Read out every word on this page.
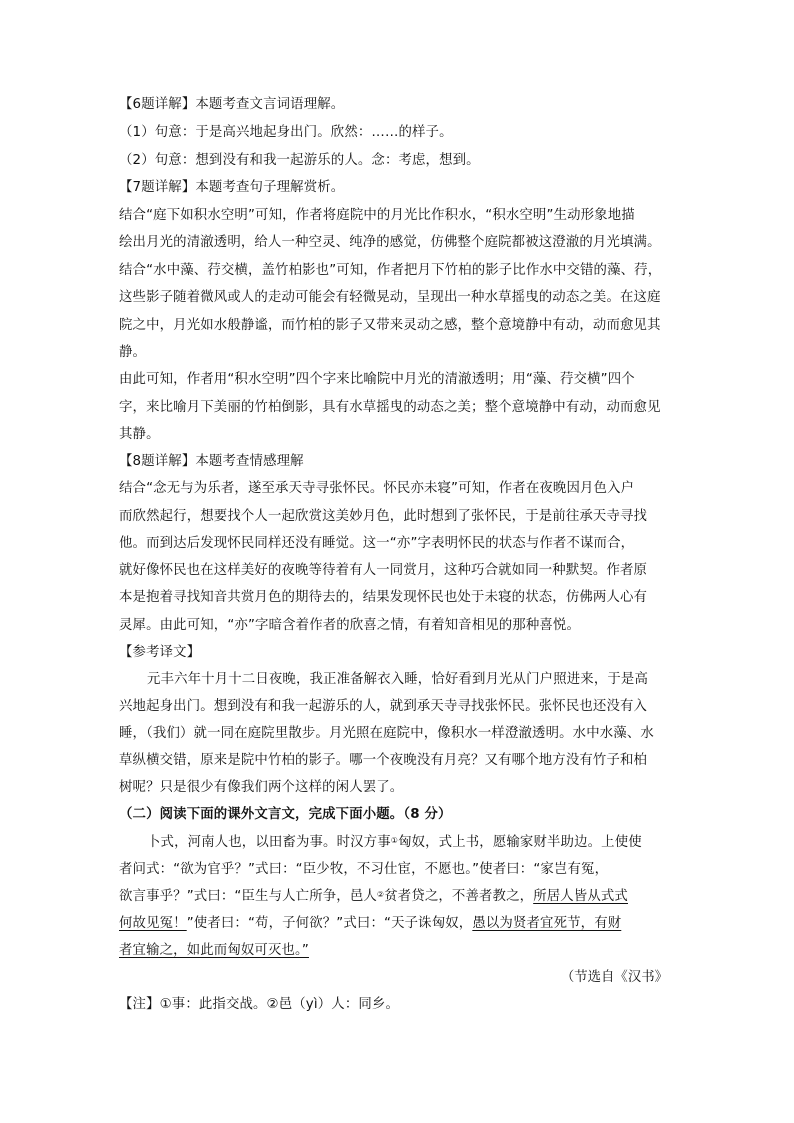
【6题详解】本题考查文言词语理解。
（1）句意：于是高兴地起身出门。欣然：……的样子。
（2）句意：想到没有和我一起游乐的人。念：考虑，想到。
【7题详解】本题考查句子理解赏析。
结合“庭下如积水空明”可知，作者将庭院中的月光比作积水，“积水空明”生动形象地描
绘出月光的清澈透明，给人一种空灵、纯净的感觉，仿佛整个庭院都被这澄澈的月光填满。
结合“水中藻、荇交横，盖竹柏影也”可知，作者把月下竹柏的影子比作水中交错的藻、荇，
这些影子随着微风或人的走动可能会有轻微晃动，呈现出一种水草摇曳的动态之美。在这庭
院之中，月光如水般静谧，而竹柏的影子又带来灵动之感，整个意境静中有动，动而愈见其
静。
由此可知，作者用“积水空明”四个字来比喻院中月光的清澈透明；用“藻、荇交横”四个
字，来比喻月下美丽的竹柏倒影，具有水草摇曳的动态之美；整个意境静中有动，动而愈见
其静。
【8题详解】本题考查情感理解
结合“念无与为乐者，遂至承天寺寻张怀民。怀民亦未寝”可知，作者在夜晚因月色入户
而欣然起行，想要找个人一起欣赏这美妙月色，此时想到了张怀民，于是前往承天寺寻找
他。而到达后发现怀民同样还没有睡觉。这一“亦”字表明怀民的状态与作者不谋而合，
就好像怀民也在这样美好的夜晚等待着有人一同赏月，这种巧合就如同一种默契。作者原
本是抱着寻找知音共赏月色的期待去的，结果发现怀民也处于未寝的状态，仿佛两人心有
灵犀。由此可知，“亦”字暗含着作者的欣喜之情，有着知音相见的那种喜悦。
【参考译文】
元丰六年十月十二日夜晚，我正准备解衣入睡，恰好看到月光从门户照进来，于是高
兴地起身出门。想到没有和我一起游乐的人，就到承天寺寻找张怀民。张怀民也还没有入
睡，（我们）就一同在庭院里散步。月光照在庭院中，像积水一样澄澈透明。水中水藻、水
草纵横交错，原来是院中竹柏的影子。哪一个夜晚没有月亮？又有哪个地方没有竹子和柏
树呢？只是很少有像我们两个这样的闲人罢了。
（二）阅读下面的课外文言文，完成下面小题。（8 分）
卜式，河南人也，以田畜为事。时汉方事①匈奴，式上书，愿输家财半助边。上使使
者问式：“欲为官乎？”式曰：“臣少牧，不习仕宦，不愿也。”使者曰：“家岂有冤，
欲言事乎？”式曰：“臣生与人亡所争，邑人②贫者贷之，不善者教之，所居人皆从式式
何故见冤！”使者曰：“苟，子何欲？”式曰：“天子诛匈奴，愚以为贤者宜死节，有财
者宜输之，如此而匈奴可灭也。”
（节选自《汉书》
【注】①事：此指交战。②邑（yì）人：同乡。
